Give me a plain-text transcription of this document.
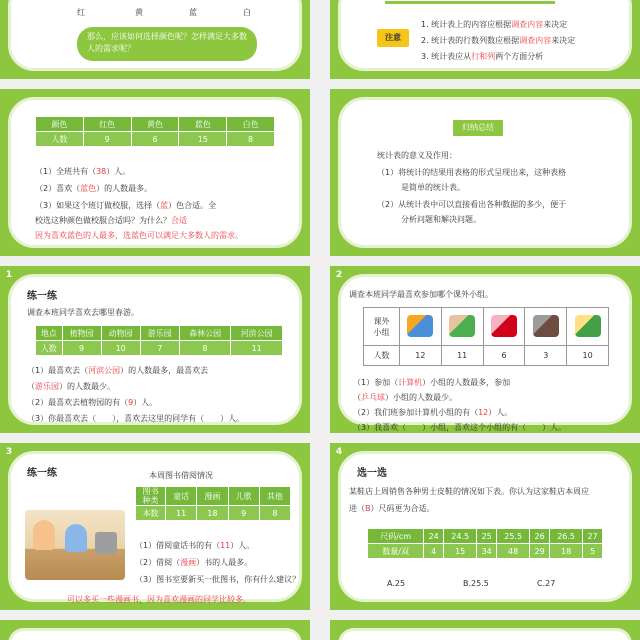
红	黄	蓝	白
那么，应该如何选择颜色呢？怎样满足大多数人的需求呢？
注意
1. 统计表上的内容应根据调查内容来决定
2. 统计表的行数列数应根据调查内容来决定
3. 统计表应从行和列两个方面分析
颜色	红色	黄色	蓝色	白色
人数	9	6	15	8
（1）全班共有（38）人。
（2）喜欢（蓝色）的人数最多。
（3）如果这个班订做校服，选择（蓝）色合适。全
校选这种颜色做校服合适吗？为什么？合适
因为喜欢蓝色的人最多，选蓝色可以满足大多数人的需求。
归纳总结
统计表的意义及作用：
（1）将统计的结果用表格的形式呈现出来，这种表格
是简单的统计表。
（2）从统计表中可以直接看出各种数据的多少，便于
分析问题和解决问题。
1
练一练
调查本班同学喜欢去哪里春游。
地点	植物园	动物园	游乐园	森林公园	河滨公园
人数	9	10	7	8	11
（1）最喜欢去（河滨公园）的人数最多，最喜欢去
（游乐园）的人数最少。
（2）最喜欢去植物园的有（9）人。
（3）你最喜欢去（　　），喜欢去这里的同学有（　　）人。
2
调查本班同学最喜欢参加哪个课外小组。
课外
小组					

人数	12	11	6	3	10
（1）参加（计算机）小组的人数最多，参加
（乒乓球）小组的人数最少。
（2）我们班参加计算机小组的有（12）人。
（3）我喜欢（　　）小组，喜欢这个小组的有（　　）人。
3
练一练	本周图书借阅情况
图书
种类	童话	漫画	儿歌	其他
本数	11	18	9	8
（1）借阅童话书的有（11）人。
（2）借阅（漫画）书的人最多。
（3）图书室要新买一批图书，你有什么建议？
可以多买一些漫画书，因为喜欢漫画的同学比较多。
4
选一选
某鞋店上周销售各种男士皮鞋的情况如下表。你认为这家鞋店本周应
进（B）尺码更为合适。
尺码/cm	24	24.5	25	25.5	26	26.5	27
数量/双	4	15	34	48	29	18	5
A.25	B.25.5	C.27
